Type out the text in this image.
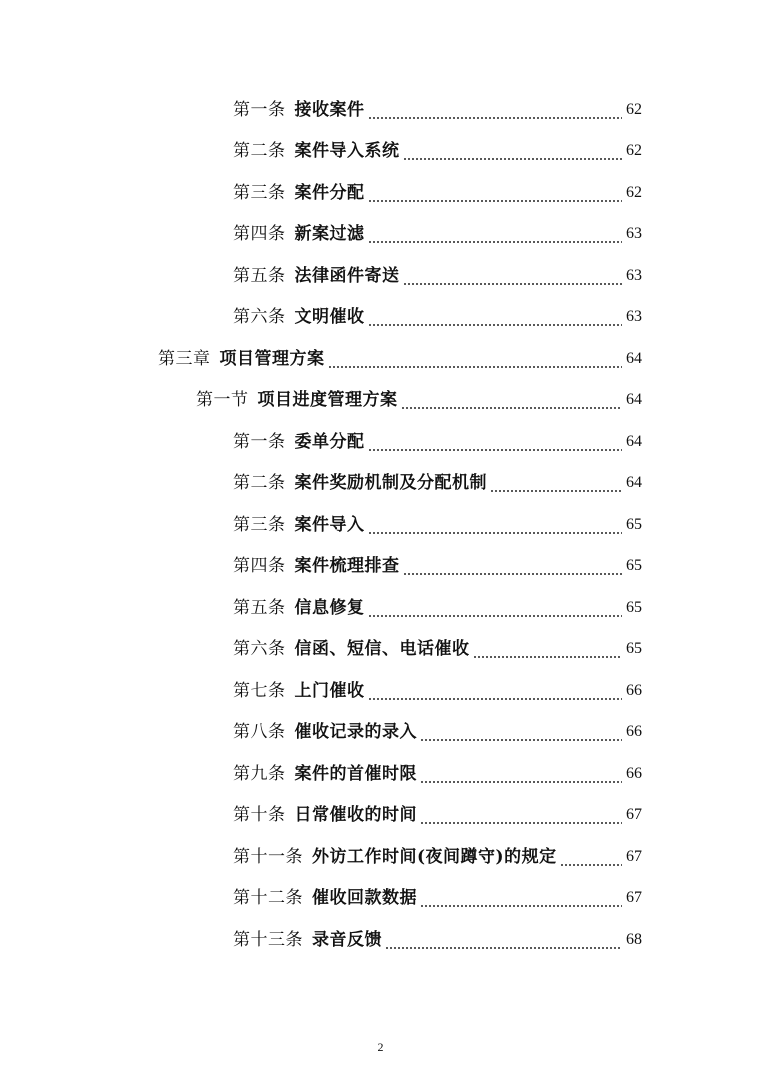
第一条 接收案件	62
第二条 案件导入系统	62
第三条 案件分配	62
第四条 新案过滤	63
第五条 法律函件寄送	63
第六条 文明催收	63
第三章 项目管理方案	64
第一节 项目进度管理方案	64
第一条 委单分配	64
第二条 案件奖励机制及分配机制	64
第三条 案件导入	65
第四条 案件梳理排查	65
第五条 信息修复	65
第六条 信函、短信、电话催收	65
第七条 上门催收	66
第八条 催收记录的录入	66
第九条 案件的首催时限	66
第十条 日常催收的时间	67
第十一条 外访工作时间(夜间蹲守)的规定	67
第十二条 催收回款数据	67
第十三条 录音反馈	68
2
